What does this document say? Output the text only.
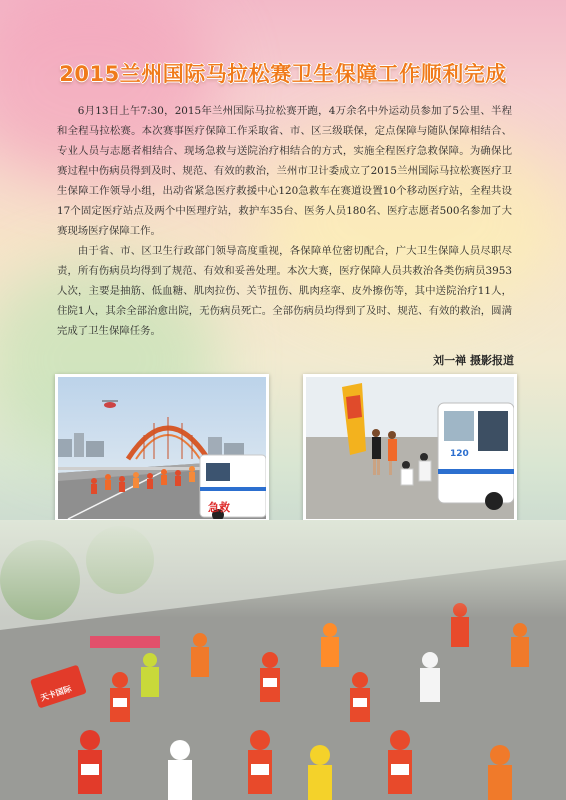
2015兰州国际马拉松赛卫生保障工作顺利完成

6月13日上午7:30，2015年兰州国际马拉松赛开跑，4万余名中外运动员参加了5公里、半程和全程马拉松赛。本次赛事医疗保障工作采取省、市、区三级联保，定点保障与随队保障相结合、专业人员与志愿者相结合、现场急救与送院治疗相结合的方式，实施全程医疗急救保障。为确保比赛过程中伤病员得到及时、规范、有效的救治，兰州市卫计委成立了2015兰州国际马拉松赛医疗卫生保障工作领导小组，出动省紧急医疗救援中心120急救车在赛道设置10个移动医疗站，全程共设17个固定医疗站点及两个中医理疗站，救护车35台、医务人员180名、医疗志愿者500名参加了大赛现场医疗保障工作。

由于省、市、区卫生行政部门领导高度重视，各保障单位密切配合，广大卫生保障人员尽职尽责，所有伤病员均得到了规范、有效和妥善处理。本次大赛，医疗保障人员共救治各类伤病员3953人次，主要是抽筋、低血糖、肌肉拉伤、关节扭伤、肌肉痉挛、皮外擦伤等，其中送院治疗11人，住院1人，其余全部治愈出院，无伤病员死亡。全部伤病员均得到了及时、规范、有效的救治，圆满完成了卫生保障任务。

刘一禅 摄影报道
急救
120
天卡国际
